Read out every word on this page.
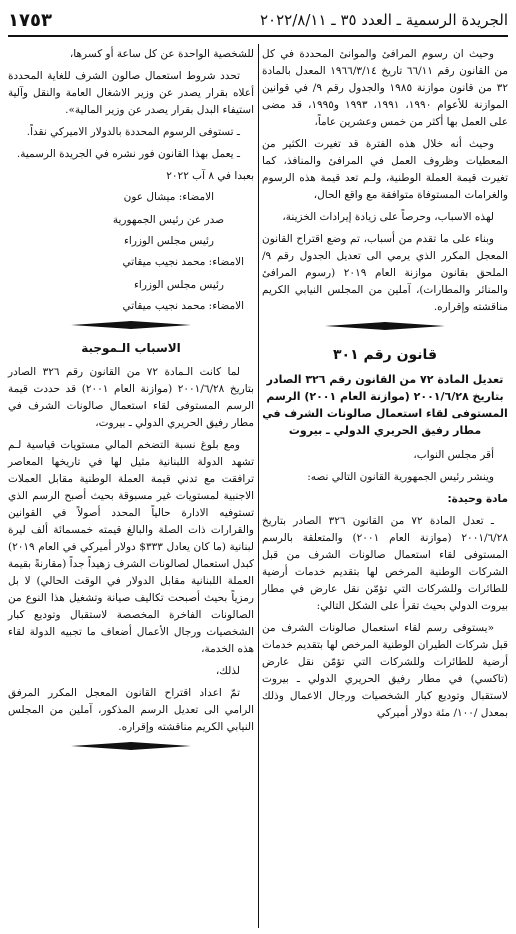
الجريدة الرسمية ـ العدد ٣٥ ـ ٢٠٢٢/٨/١١
١٧٥٣

وحيث ان رسوم المرافئ والموانئ المحددة في كل من القانون رقم ٦٦/١١ تاريخ ١٩٦٦/٣/١٤ المعدل بالمادة ٣٢ من قانون موازنة ١٩٨٥ والجدول رقم ٩/ في قوانين الموازنة للأعوام ١٩٩٠، ١٩٩١، ١٩٩٣ و١٩٩٥، قد مضى على العمل بها أكثر من خمس وعشرين عاماً،

وحيث أنه خلال هذه الفترة قد تغيرت الكثير من المعطيات وظروف العمل في المرافئ والمنافذ، كما تغيرت قيمة العملة الوطنية، ولـم تعد قيمة هذه الرسوم والغرامات المستوفاة متوافقة مع واقع الحال،

لهذه الاسباب، وحرصاً على زيادة إيرادات الخزينة،

وبناء على ما تقدم من أسباب، تم وضع اقتراح القانون المعجل المكرر الذي يرمي الى تعديل الجدول رقم ٩/ الملحق بقانون موازنة العام ٢٠١٩ (رسوم المرافئ والمنائر والمطارات)، آملين من المجلس النيابي الكريم مناقشته وإقراره.

قانون رقم ٣٠١
تعديل المادة ٧٢ من القانون رقم ٣٢٦ الصادر بتاريخ ٢٠٠١/٦/٢٨ (موازنة العام ٢٠٠١) الرسم المستوفى لقاء استعمال صالونات الشرف في مطار رفيق الحريري الدولي ـ بيروت

أقر مجلس النواب،

وينشر رئيس الجمهورية القانون التالي نصه:

مادة وحيدة:

ـ تعدل المادة ٧٢ من القانون ٣٢٦ الصادر بتاريخ ٢٠٠١/٦/٢٨ (موازنة العام ٢٠٠١) والمتعلقة بالرسم المستوفى لقاء استعمال صالونات الشرف من قبل الشركات الوطنية المرخص لها بتقديم خدمات أرضية للطائرات وللشركات التي تؤمّن نقل عارض في مطار بيروت الدولي بحيث تقرأ على الشكل التالي:

«يستوفى رسم لقاء استعمال صالونات الشرف من قبل شركات الطيران الوطنية المرخص لها بتقديم خدمات أرضية للطائرات وللشركات التي تؤمّن نقل عارض (تاكسي) في مطار رفيق الحريري الدولي ـ بيروت لاستقبال وتوديع كبار الشخصيات ورجال الاعمال وذلك بمعدل /١٠٠/ مئة دولار أميركي

للشخصية الواحدة عن كل ساعة أو كسرها،

تحدد شروط استعمال صالون الشرف للغاية المحددة أعلاه بقرار يصدر عن وزير الاشغال العامة والنقل وآلية استيفاء البدل بقرار يصدر عن وزير المالية».

ـ تستوفى الرسوم المحددة بالدولار الاميركي نقداً.

ـ يعمل بهذا القانون فور نشره في الجريدة الرسمية.

بعبدا في ٨ آب ٢٠٢٢

الامضاء: ميشال عون

صدر عن رئيس الجمهورية

رئيس مجلس الوزراء

الامضاء: محمد نجيب ميقاتي

رئيس مجلس الوزراء

الامضاء: محمد نجيب ميقاتي

الاسباب الـموجبة

لما كانت الـمادة ٧٢ من القانون رقم ٣٢٦ الصادر بتاريخ ٢٠٠١/٦/٢٨ (موازنة العام ٢٠٠١) قد حددت قيمة الرسم المستوفى لقاء استعمال صالونات الشرف في مطار رفيق الحريري الدولي ـ بيروت،

ومع بلوغ نسبة التضخم المالي مستويات قياسية لـم تشهد الدولة اللبنانية مثيل لها في تاريخها المعاصر ترافقت مع تدني قيمة العملة الوطنية مقابل العملات الاجنبية لمستويات غير مسبوقة بحيث أصبح الرسم الذي تستوفيه الادارة حالياً المحدد أصولاً في القوانين والقرارات ذات الصلة والبالغ قيمته خمسمائة ألف ليرة لبنانية (ما كان يعادل ٣٣٣$ دولار أميركي في العام ٢٠١٩) كبدل استعمال لصالونات الشرف زهيداً جداً (مقارنةً بقيمة العملة اللبنانية مقابل الدولار في الوقت الحالي) لا بل رمزياً بحيث أصبحت تكاليف صيانة وتشغيل هذا النوع من الصالونات الفاخرة المخصصة لاستقبال وتوديع كبار الشخصيات ورجال الأعمال أضعاف ما تجبيه الدولة لقاء هذه الخدمة،

لذلك،

تمّ اعداد اقتراح القانون المعجل المكرر المرفق الرامي الى تعديل الرسم المذكور، آملين من المجلس النيابي الكريم مناقشته وإقراره.
